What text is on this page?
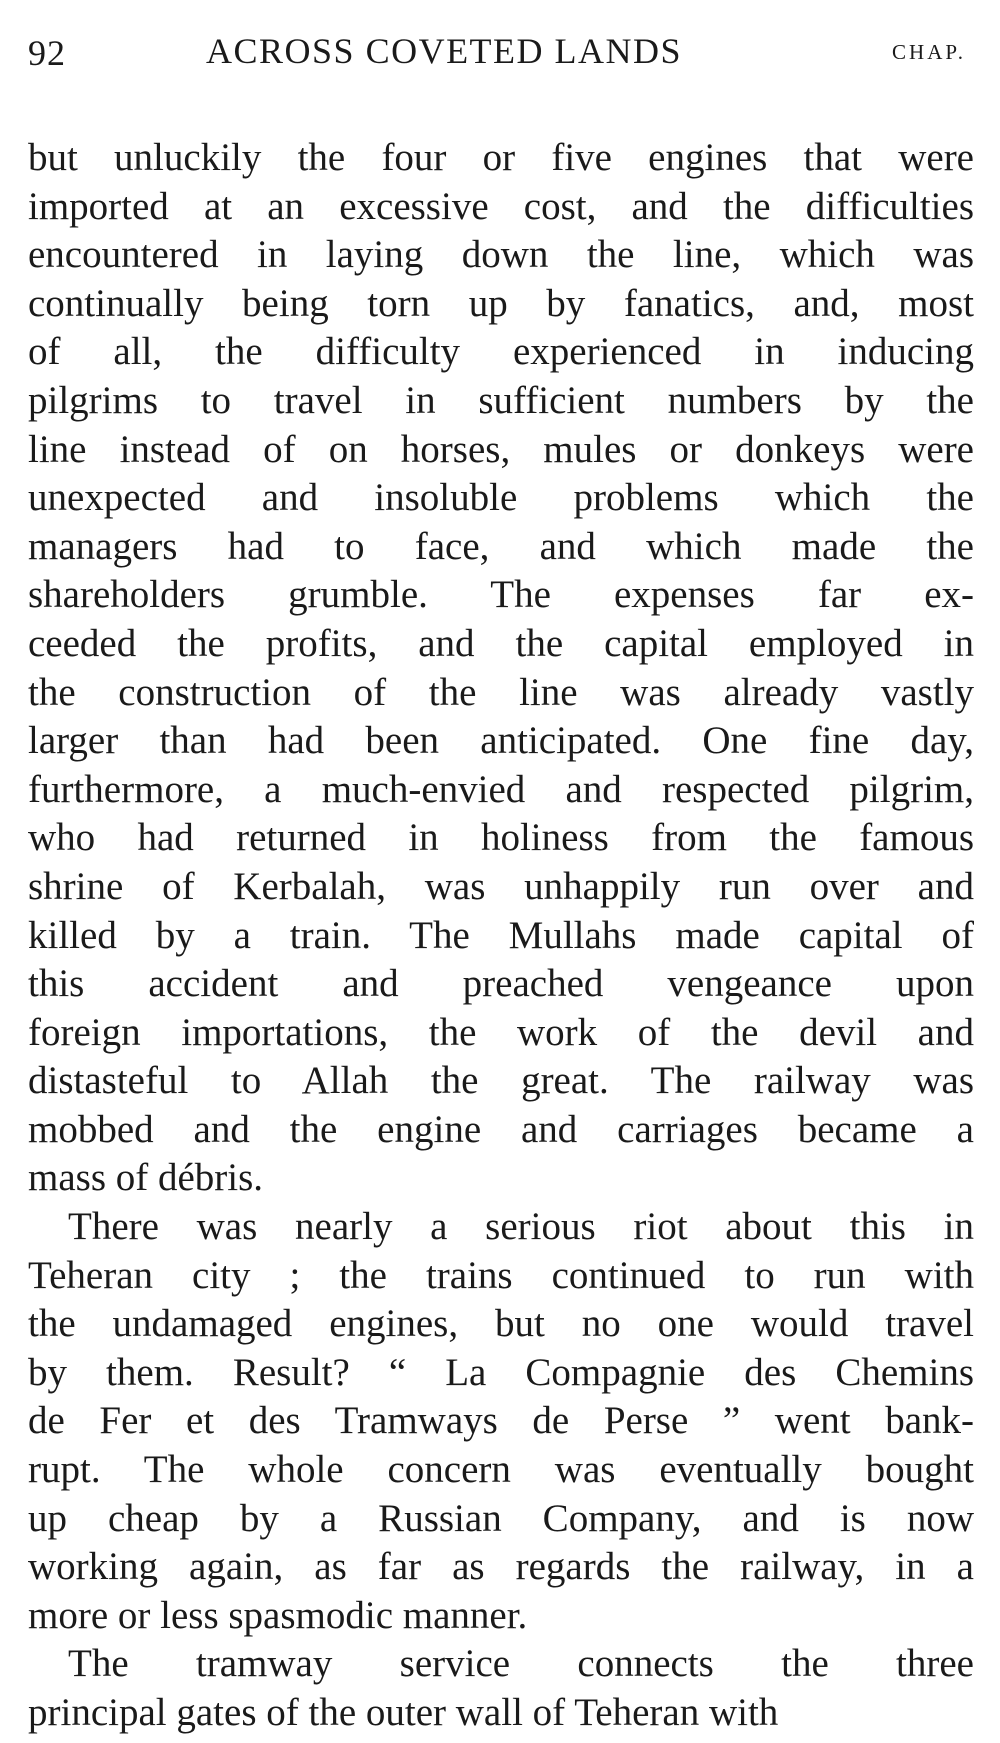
92	ACROSS COVETED LANDS	CHAP.
but unluckily the four or five engines that were
imported at an excessive cost, and the difficulties
encountered in laying down the line, which was
continually being torn up by fanatics, and, most
of all, the difficulty experienced in inducing
pilgrims to travel in sufficient numbers by the
line instead of on horses, mules or donkeys were
unexpected and insoluble problems which the
managers had to face, and which made the
shareholders grumble. The expenses far ex-
ceeded the profits, and the capital employed in
the construction of the line was already vastly
larger than had been anticipated. One fine day,
furthermore, a much-envied and respected pilgrim,
who had returned in holiness from the famous
shrine of Kerbalah, was unhappily run over and
killed by a train. The Mullahs made capital of
this accident and preached vengeance upon
foreign importations, the work of the devil and
distasteful to Allah the great. The railway was
mobbed and the engine and carriages became a
mass of débris.
There was nearly a serious riot about this in
Teheran city ; the trains continued to run with
the undamaged engines, but no one would travel
by them. Result? “ La Compagnie des Chemins
de Fer et des Tramways de Perse ” went bank-
rupt. The whole concern was eventually bought
up cheap by a Russian Company, and is now
working again, as far as regards the railway, in a
more or less spasmodic manner.
The tramway service connects the three
principal gates of the outer wall of Teheran with
